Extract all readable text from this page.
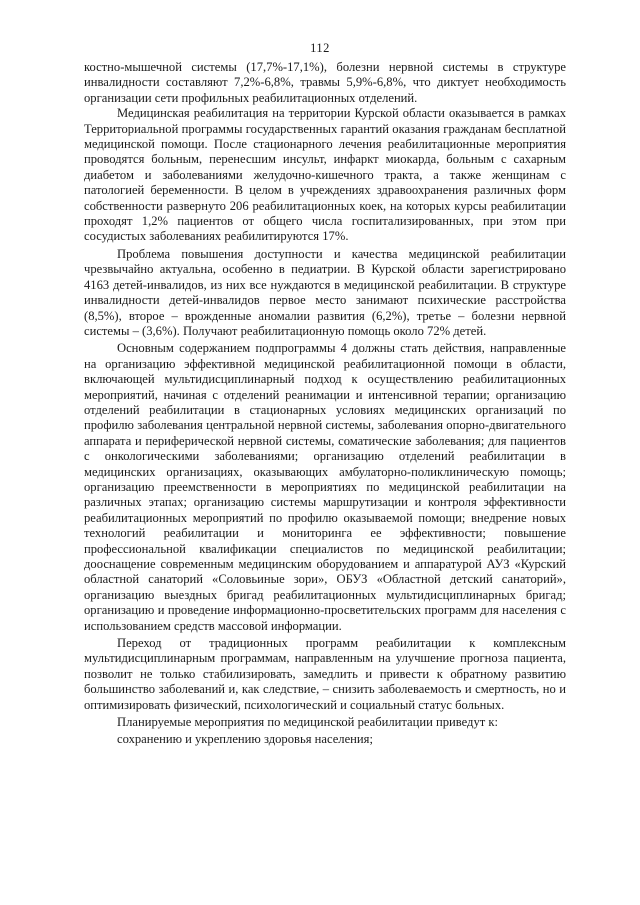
112

костно-мышечной системы (17,7%-17,1%), болезни нервной системы в структуре инвалидности составляют 7,2%-6,8%, травмы 5,9%-6,8%, что диктует необходимость организации сети профильных реабилитационных отделений.

Медицинская реабилитация на территории Курской области оказывается в рамках Территориальной программы государственных гарантий оказания гражданам бесплатной медицинской помощи. После стационарного лечения реабилитационные мероприятия проводятся больным, перенесшим инсульт, инфаркт миокарда, больным с сахарным диабетом и заболеваниями желудочно-кишечного тракта, а также женщинам с патологией беременности. В целом в учреждениях здравоохранения различных форм собственности развернуто 206 реабилитационных коек, на которых курсы реабилитации проходят 1,2% пациентов от общего числа госпитализированных, при этом при сосудистых заболеваниях реабилитируются 17%.

Проблема повышения доступности и качества медицинской реабилитации чрезвычайно актуальна, особенно в педиатрии. В Курской области зарегистрировано 4163 детей-инвалидов, из них все нуждаются в медицинской реабилитации. В структуре инвалидности детей-инвалидов первое место занимают психические расстройства (8,5%), второе – врожденные аномалии развития (6,2%), третье – болезни нервной системы – (3,6%). Получают реабилитационную помощь около 72% детей.

Основным содержанием подпрограммы 4 должны стать действия, направленные на организацию эффективной медицинской реабилитационной помощи в области, включающей мультидисциплинарный подход к осуществлению реабилитационных мероприятий, начиная с отделений реанимации и интенсивной терапии; организацию отделений реабилитации в стационарных условиях медицинских организаций по профилю заболевания центральной нервной системы, заболевания опорно-двигательного аппарата и периферической нервной системы, соматические заболевания; для пациентов с онкологическими заболеваниями; организацию отделений реабилитации в медицинских организациях, оказывающих амбулаторно-поликлиническую помощь; организацию преемственности в мероприятиях по медицинской реабилитации на различных этапах; организацию системы маршрутизации и контроля эффективности реабилитационных мероприятий по профилю оказываемой помощи; внедрение новых технологий реабилитации и мониторинга ее эффективности; повышение профессиональной квалификации специалистов по медицинской реабилитации; дооснащение современным медицинским оборудованием и аппаратурой АУЗ «Курский областной санаторий «Соловьиные зори», ОБУЗ «Областной детский санаторий», организацию выездных бригад реабилитационных мультидисциплинарных бригад; организацию и проведение информационно-просветительских программ для населения с использованием средств массовой информации.

Переход от традиционных программ реабилитации к комплексным мультидисциплинарным программам, направленным на улучшение прогноза пациента, позволит не только стабилизировать, замедлить и привести к обратному развитию большинство заболеваний и, как следствие, – снизить заболеваемость и смертность, но и оптимизировать физический, психологический и социальный статус больных.

Планируемые мероприятия по медицинской реабилитации приведут к:

сохранению и укреплению здоровья населения;
